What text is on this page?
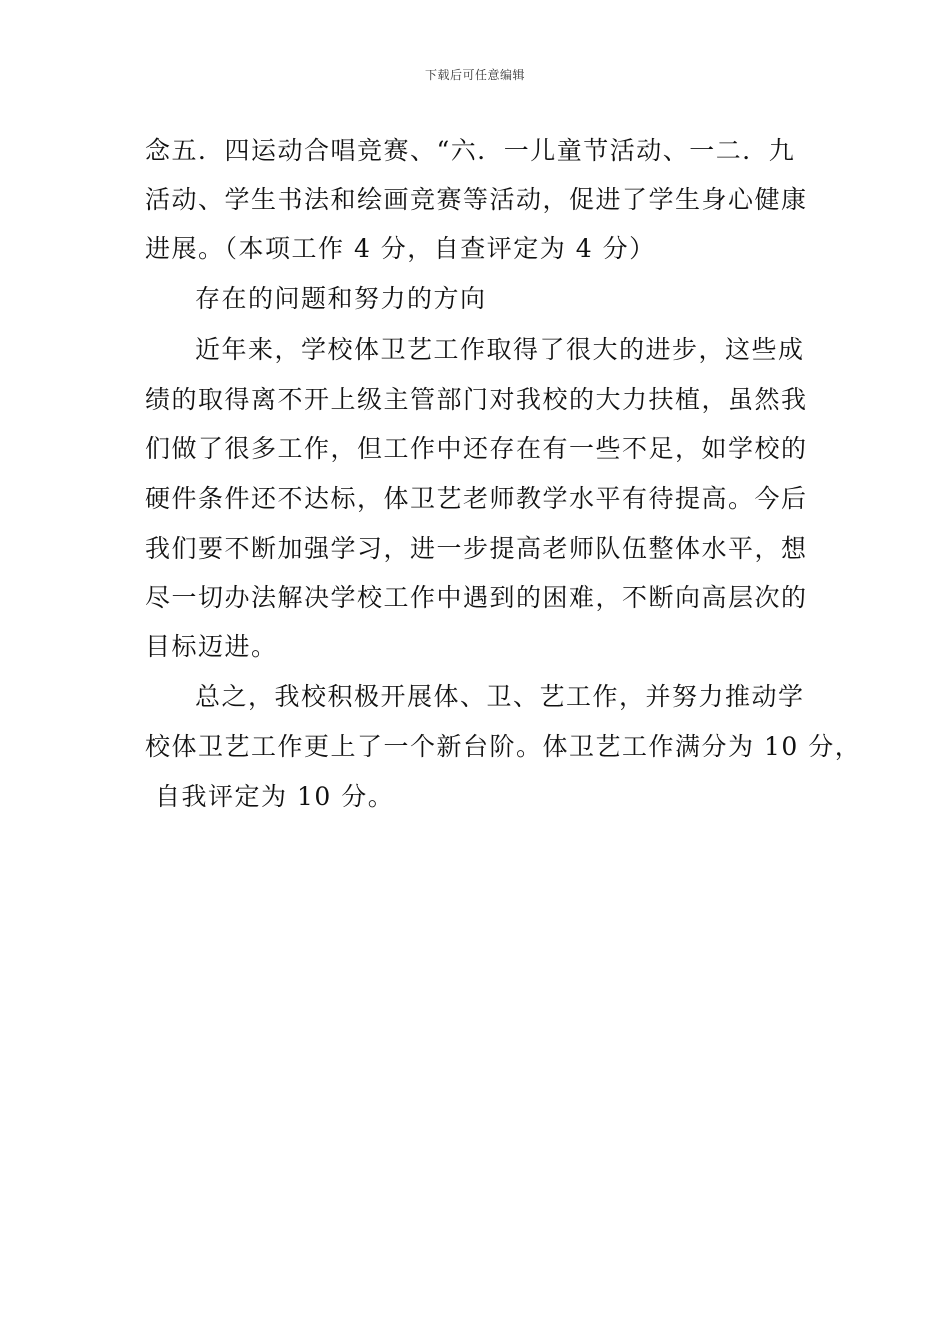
下载后可任意编辑
念五．四运动合唱竞赛、“六．一儿童节活动、一二．九
活动、学生书法和绘画竞赛等活动，促进了学生身心健康
进展。（本项工作 4 分，自查评定为 4 分）
存在的问题和努力的方向
近年来，学校体卫艺工作取得了很大的进步，这些成
绩的取得离不开上级主管部门对我校的大力扶植，虽然我
们做了很多工作，但工作中还存在有一些不足，如学校的
硬件条件还不达标，体卫艺老师教学水平有待提高。今后
我们要不断加强学习，进一步提高老师队伍整体水平，想
尽一切办法解决学校工作中遇到的困难，不断向高层次的
目标迈进。
总之，我校积极开展体、卫、艺工作，并努力推动学
校体卫艺工作更上了一个新台阶。体卫艺工作满分为 10 分，
自我评定为 10 分。
